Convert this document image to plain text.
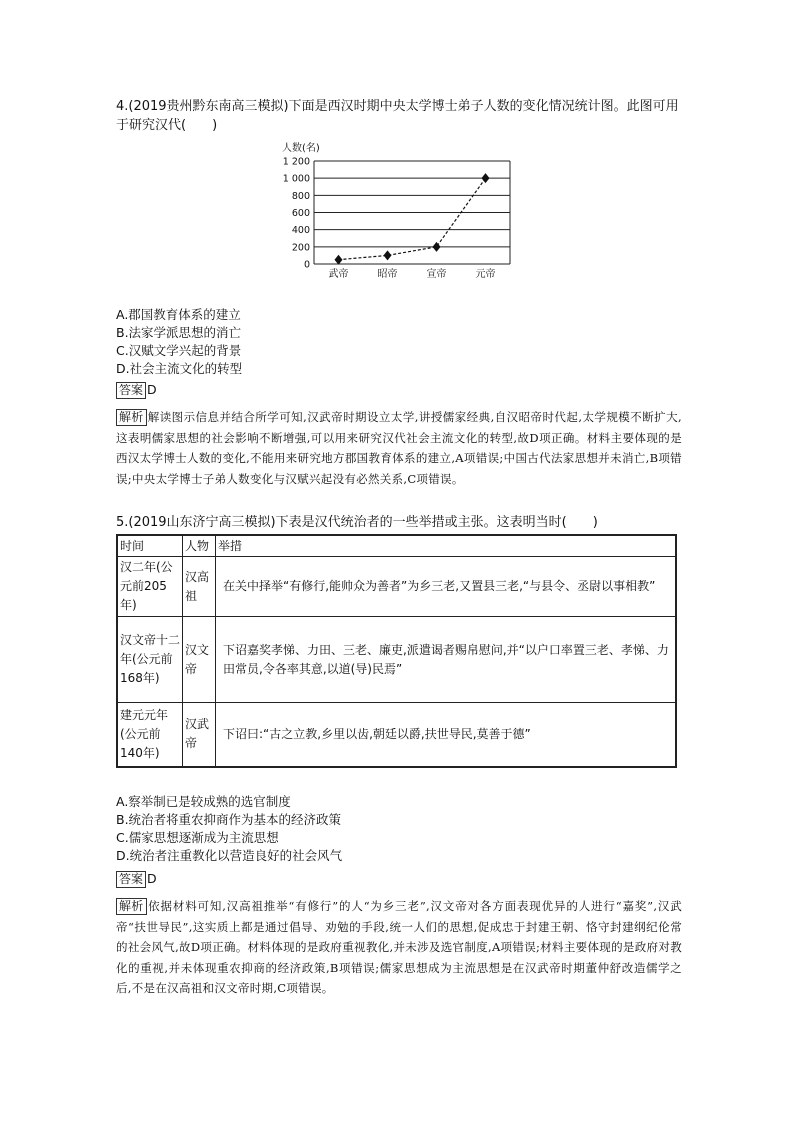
4.(2019贵州黔东南高三模拟)下面是西汉时期中央太学博士弟子人数的变化情况统计图。此图可用于研究汉代(　　)
人数(名)
0
200
400
600
800
1 000
1 200
武帝	昭帝	宣帝	元帝
A.郡国教育体系的建立
B.法家学派思想的消亡
C.汉赋文学兴起的背景
D.社会主流文化的转型
答案 D
解析 解读图示信息并结合所学可知,汉武帝时期设立太学,讲授儒家经典,自汉昭帝时代起,太学规模不断扩大,这表明儒家思想的社会影响不断增强,可以用来研究汉代社会主流文化的转型,故D项正确。材料主要体现的是西汉太学博士人数的变化,不能用来研究地方郡国教育体系的建立,A项错误;中国古代法家思想并未消亡,B项错误;中央太学博士子弟人数变化与汉赋兴起没有必然关系,C项错误。
5.(2019山东济宁高三模拟)下表是汉代统治者的一些举措或主张。这表明当时(　　)
时间	人物	举措
汉二年(公元前205年)	汉高祖	在关中择举“有修行,能帅众为善者”为乡三老,又置县三老,“与县令、丞尉以事相教”
汉文帝十二年(公元前168年)	汉文帝	下诏嘉奖孝悌、力田、三老、廉吏,派遣谒者赐帛慰问,并“以户口率置三老、孝悌、力田常员,令各率其意,以道(导)民焉”
建元元年(公元前140年)	汉武帝	下诏曰:“古之立教,乡里以齿,朝廷以爵,扶世导民,莫善于德”
A.察举制已是较成熟的选官制度
B.统治者将重农抑商作为基本的经济政策
C.儒家思想逐渐成为主流思想
D.统治者注重教化以营造良好的社会风气
答案 D
解析 依据材料可知,汉高祖推举“有修行”的人“为乡三老”,汉文帝对各方面表现优异的人进行“嘉奖”,汉武帝“扶世导民”,这实质上都是通过倡导、劝勉的手段,统一人们的思想,促成忠于封建王朝、恪守封建纲纪伦常的社会风气,故D项正确。材料体现的是政府重视教化,并未涉及选官制度,A项错误;材料主要体现的是政府对教化的重视,并未体现重农抑商的经济政策,B项错误;儒家思想成为主流思想是在汉武帝时期董仲舒改造儒学之后,不是在汉高祖和汉文帝时期,C项错误。
